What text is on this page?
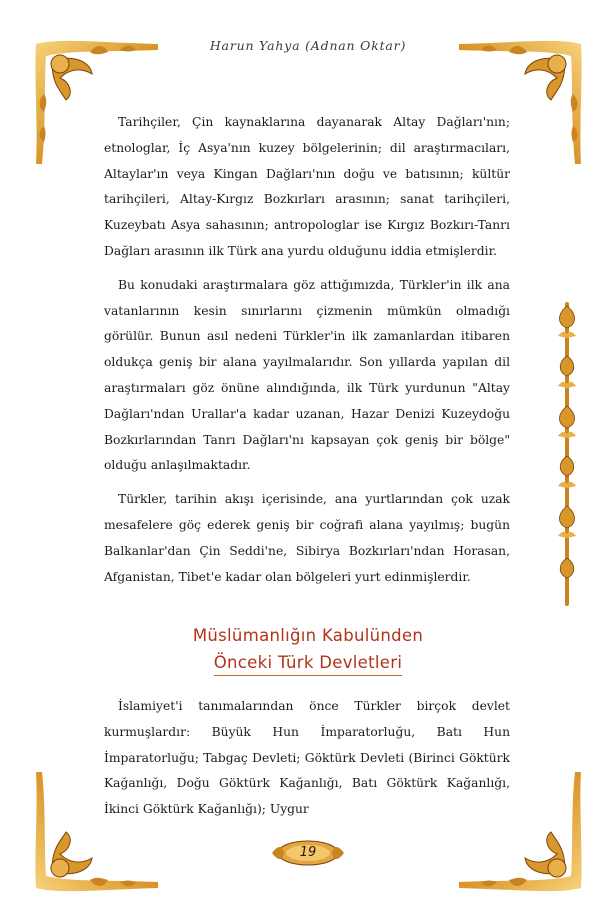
Harun Yahya (Adnan Oktar)

Tarihçiler, Çin kaynaklarına dayanarak Altay Dağları'nın; etnologlar, İç Asya'nın kuzey bölgelerinin; dil araştırmacıları, Altaylar'ın veya Kingan Dağları'nın doğu ve batısının; kültür tarihçileri, Altay-Kırgız Bozkırları arasının; sanat tarihçileri, Kuzeybatı Asya sahasının; antropologlar ise Kırgız Bozkırı-Tanrı Dağları arasının ilk Türk ana yurdu olduğunu iddia etmişlerdir.

Bu konudaki araştırmalara göz attığımızda, Türkler'in ilk ana vatanlarının kesin sınırlarını çizmenin mümkün olmadığı görülür. Bunun asıl nedeni Türkler'in ilk zamanlardan itibaren oldukça geniş bir alana yayılmalarıdır. Son yıllarda yapılan dil araştırmaları göz önüne alındığında, ilk Türk yurdunun "Altay Dağları'ndan Urallar'a kadar uzanan, Hazar Denizi Kuzeydoğu Bozkırlarından Tanrı Dağları'nı kapsayan çok geniş bir bölge" olduğu anlaşılmaktadır.

Türkler, tarihin akışı içerisinde, ana yurtlarından çok uzak mesafelere göç ederek geniş bir coğrafi alana yayılmış; bugün Balkanlar'dan Çin Seddi'ne, Sibirya Bozkırları'ndan Horasan, Afganistan, Tibet'e kadar olan bölgeleri yurt edinmişlerdir.

Müslümanlığın Kabulünden
Önceki Türk Devletleri

İslamiyet'i tanımalarından önce Türkler birçok devlet kurmuşlardır: Büyük Hun İmparatorluğu, Batı Hun İmparatorluğu; Tabgaç Devleti; Göktürk Devleti (Birinci Göktürk Kağanlığı, Doğu Göktürk Kağanlığı, Batı Göktürk Kağanlığı, İkinci Göktürk Kağanlığı); Uygur

19
